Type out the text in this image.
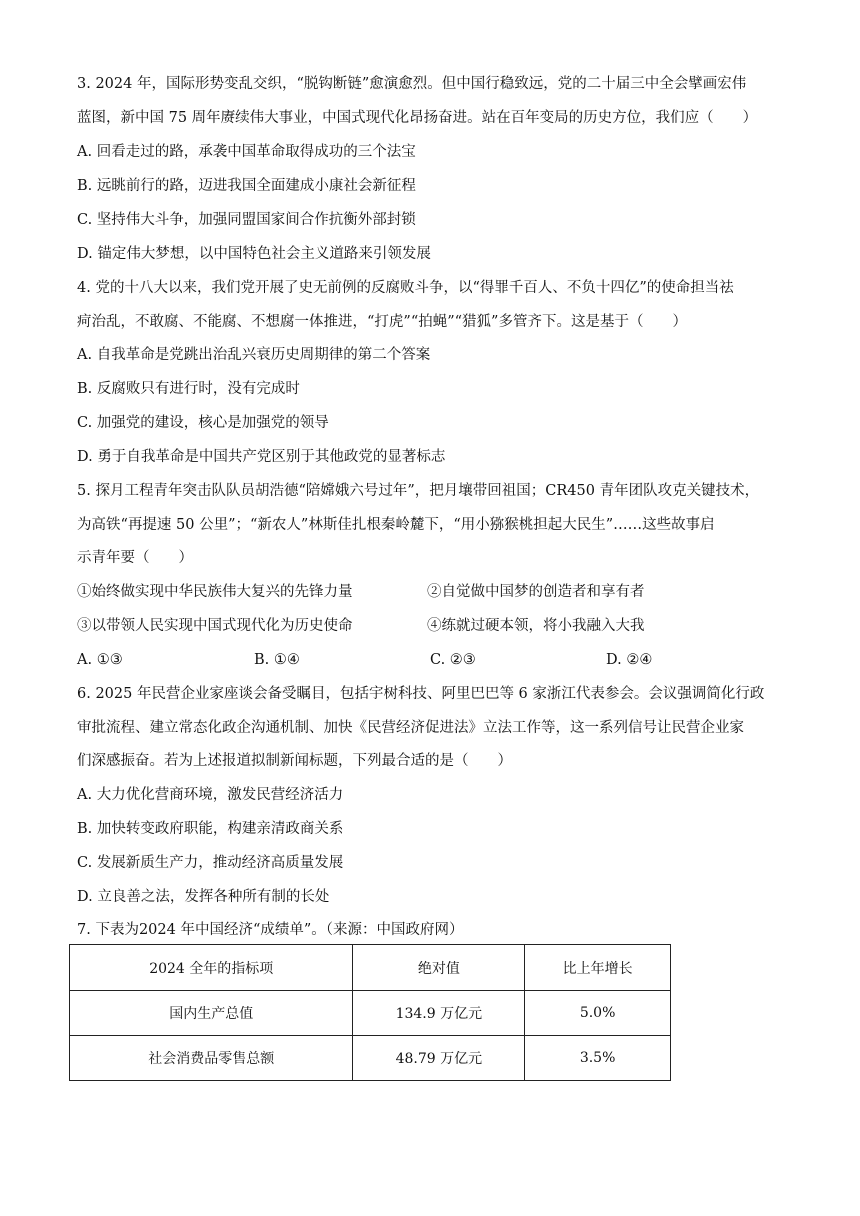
3. 2024 年，国际形势变乱交织，“脱钩断链”愈演愈烈。但中国行稳致远，党的二十届三中全会擘画宏伟
蓝图，新中国 75 周年赓续伟大事业，中国式现代化昂扬奋进。站在百年变局的历史方位，我们应（　　）
A. 回看走过的路，承袭中国革命取得成功的三个法宝
B. 远眺前行的路，迈进我国全面建成小康社会新征程
C. 坚持伟大斗争，加强同盟国家间合作抗衡外部封锁
D. 锚定伟大梦想，以中国特色社会主义道路来引领发展
4. 党的十八大以来，我们党开展了史无前例的反腐败斗争，以“得罪千百人、不负十四亿”的使命担当祛
疴治乱，不敢腐、不能腐、不想腐一体推进，“打虎”“拍蝇”“猎狐”多管齐下。这是基于（　　）
A. 自我革命是党跳出治乱兴衰历史周期律的第二个答案
B. 反腐败只有进行时，没有完成时
C. 加强党的建设，核心是加强党的领导
D. 勇于自我革命是中国共产党区别于其他政党的显著标志
5. 探月工程青年突击队队员胡浩德“陪嫦娥六号过年”，把月壤带回祖国；CR450 青年团队攻克关键技术，
为高铁“再提速 50 公里”；“新农人”林斯佳扎根秦岭麓下，“用小猕猴桃担起大民生”……这些故事启
示青年要（　　）
①始终做实现中华民族伟大复兴的先锋力量	②自觉做中国梦的创造者和享有者
③以带领人民实现中国式现代化为历史使命	④练就过硬本领，将小我融入大我
A. ①③	B. ①④	C. ②③	D. ②④
6. 2025 年民营企业家座谈会备受瞩目，包括宇树科技、阿里巴巴等 6 家浙江代表参会。会议强调简化行政
审批流程、建立常态化政企沟通机制、加快《民营经济促进法》立法工作等，这一系列信号让民营企业家
们深感振奋。若为上述报道拟制新闻标题，下列最合适的是（　　）
A. 大力优化营商环境，激发民营经济活力
B. 加快转变政府职能，构建亲清政商关系
C. 发展新质生产力，推动经济高质量发展
D. 立良善之法，发挥各种所有制的长处
7. 下表为2024 年中国经济“成绩单”。（来源：中国政府网）
2024 全年的指标项	绝对值	比上年增长
国内生产总值	134.9 万亿元	5.0%
社会消费品零售总额	48.79 万亿元	3.5%
